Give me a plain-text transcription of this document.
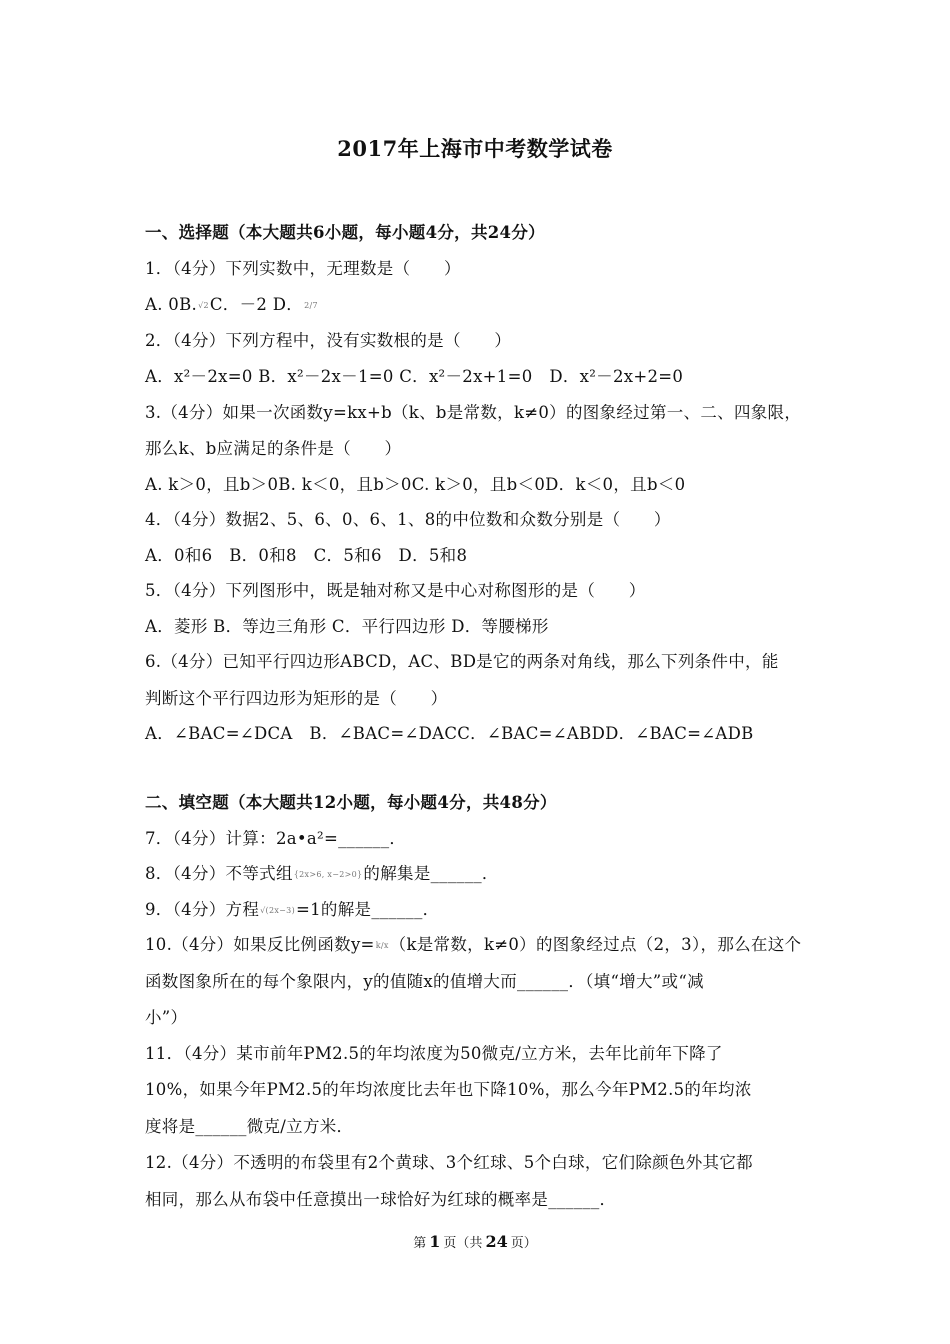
2017年上海市中考数学试卷
一、选择题（本大题共6小题，每小题4分，共24分）
1．（4分）下列实数中，无理数是（　　）
A. 0B.√2C．－2 D．2/7
2．（4分）下列方程中，没有实数根的是（　　）
A．x²－2x=0 B．x²－2x－1=0 C．x²－2x+1=0　D．x²－2x+2=0
3.（4分）如果一次函数y=kx+b（k、b是常数，k≠0）的图象经过第一、二、四象限，
那么k、b应满足的条件是（　　）
A. k＞0，且b＞0B. k＜0，且b＞0C. k＞0，且b＜0D．k＜0，且b＜0
4．（4分）数据2、5、6、0、6、1、8的中位数和众数分别是（　　）
A．0和6　B．0和8　C．5和6　D．5和8
5．（4分）下列图形中，既是轴对称又是中心对称图形的是（　　）
A．菱形 B．等边三角形 C．平行四边形 D．等腰梯形
6.（4分）已知平行四边形ABCD，AC、BD是它的两条对角线，那么下列条件中，能
判断这个平行四边形为矩形的是（　　）
A．∠BAC=∠DCA　B．∠BAC=∠DACC．∠BAC=∠ABDD．∠BAC=∠ADB
二、填空题（本大题共12小题，每小题4分，共48分）
7．（4分）计算：2a•a²=______．
8．（4分）不等式组{2x>6, x−2>0}的解集是______．
9．（4分）方程√(2x−3)=1的解是______．
10.（4分）如果反比例函数y=k/x（k是常数，k≠0）的图象经过点（2，3），那么在这个
函数图象所在的每个象限内，y的值随x的值增大而______．（填“增大”或“减
小”）
11．（4分）某市前年PM2.5的年均浓度为50微克/立方米，去年比前年下降了
10%，如果今年PM2.5的年均浓度比去年也下降10%，那么今年PM2.5的年均浓
度将是______微克/立方米．
12.（4分）不透明的布袋里有2个黄球、3个红球、5个白球，它们除颜色外其它都
相同，那么从布袋中任意摸出一球恰好为红球的概率是______．
第 1 页（共 24 页）
